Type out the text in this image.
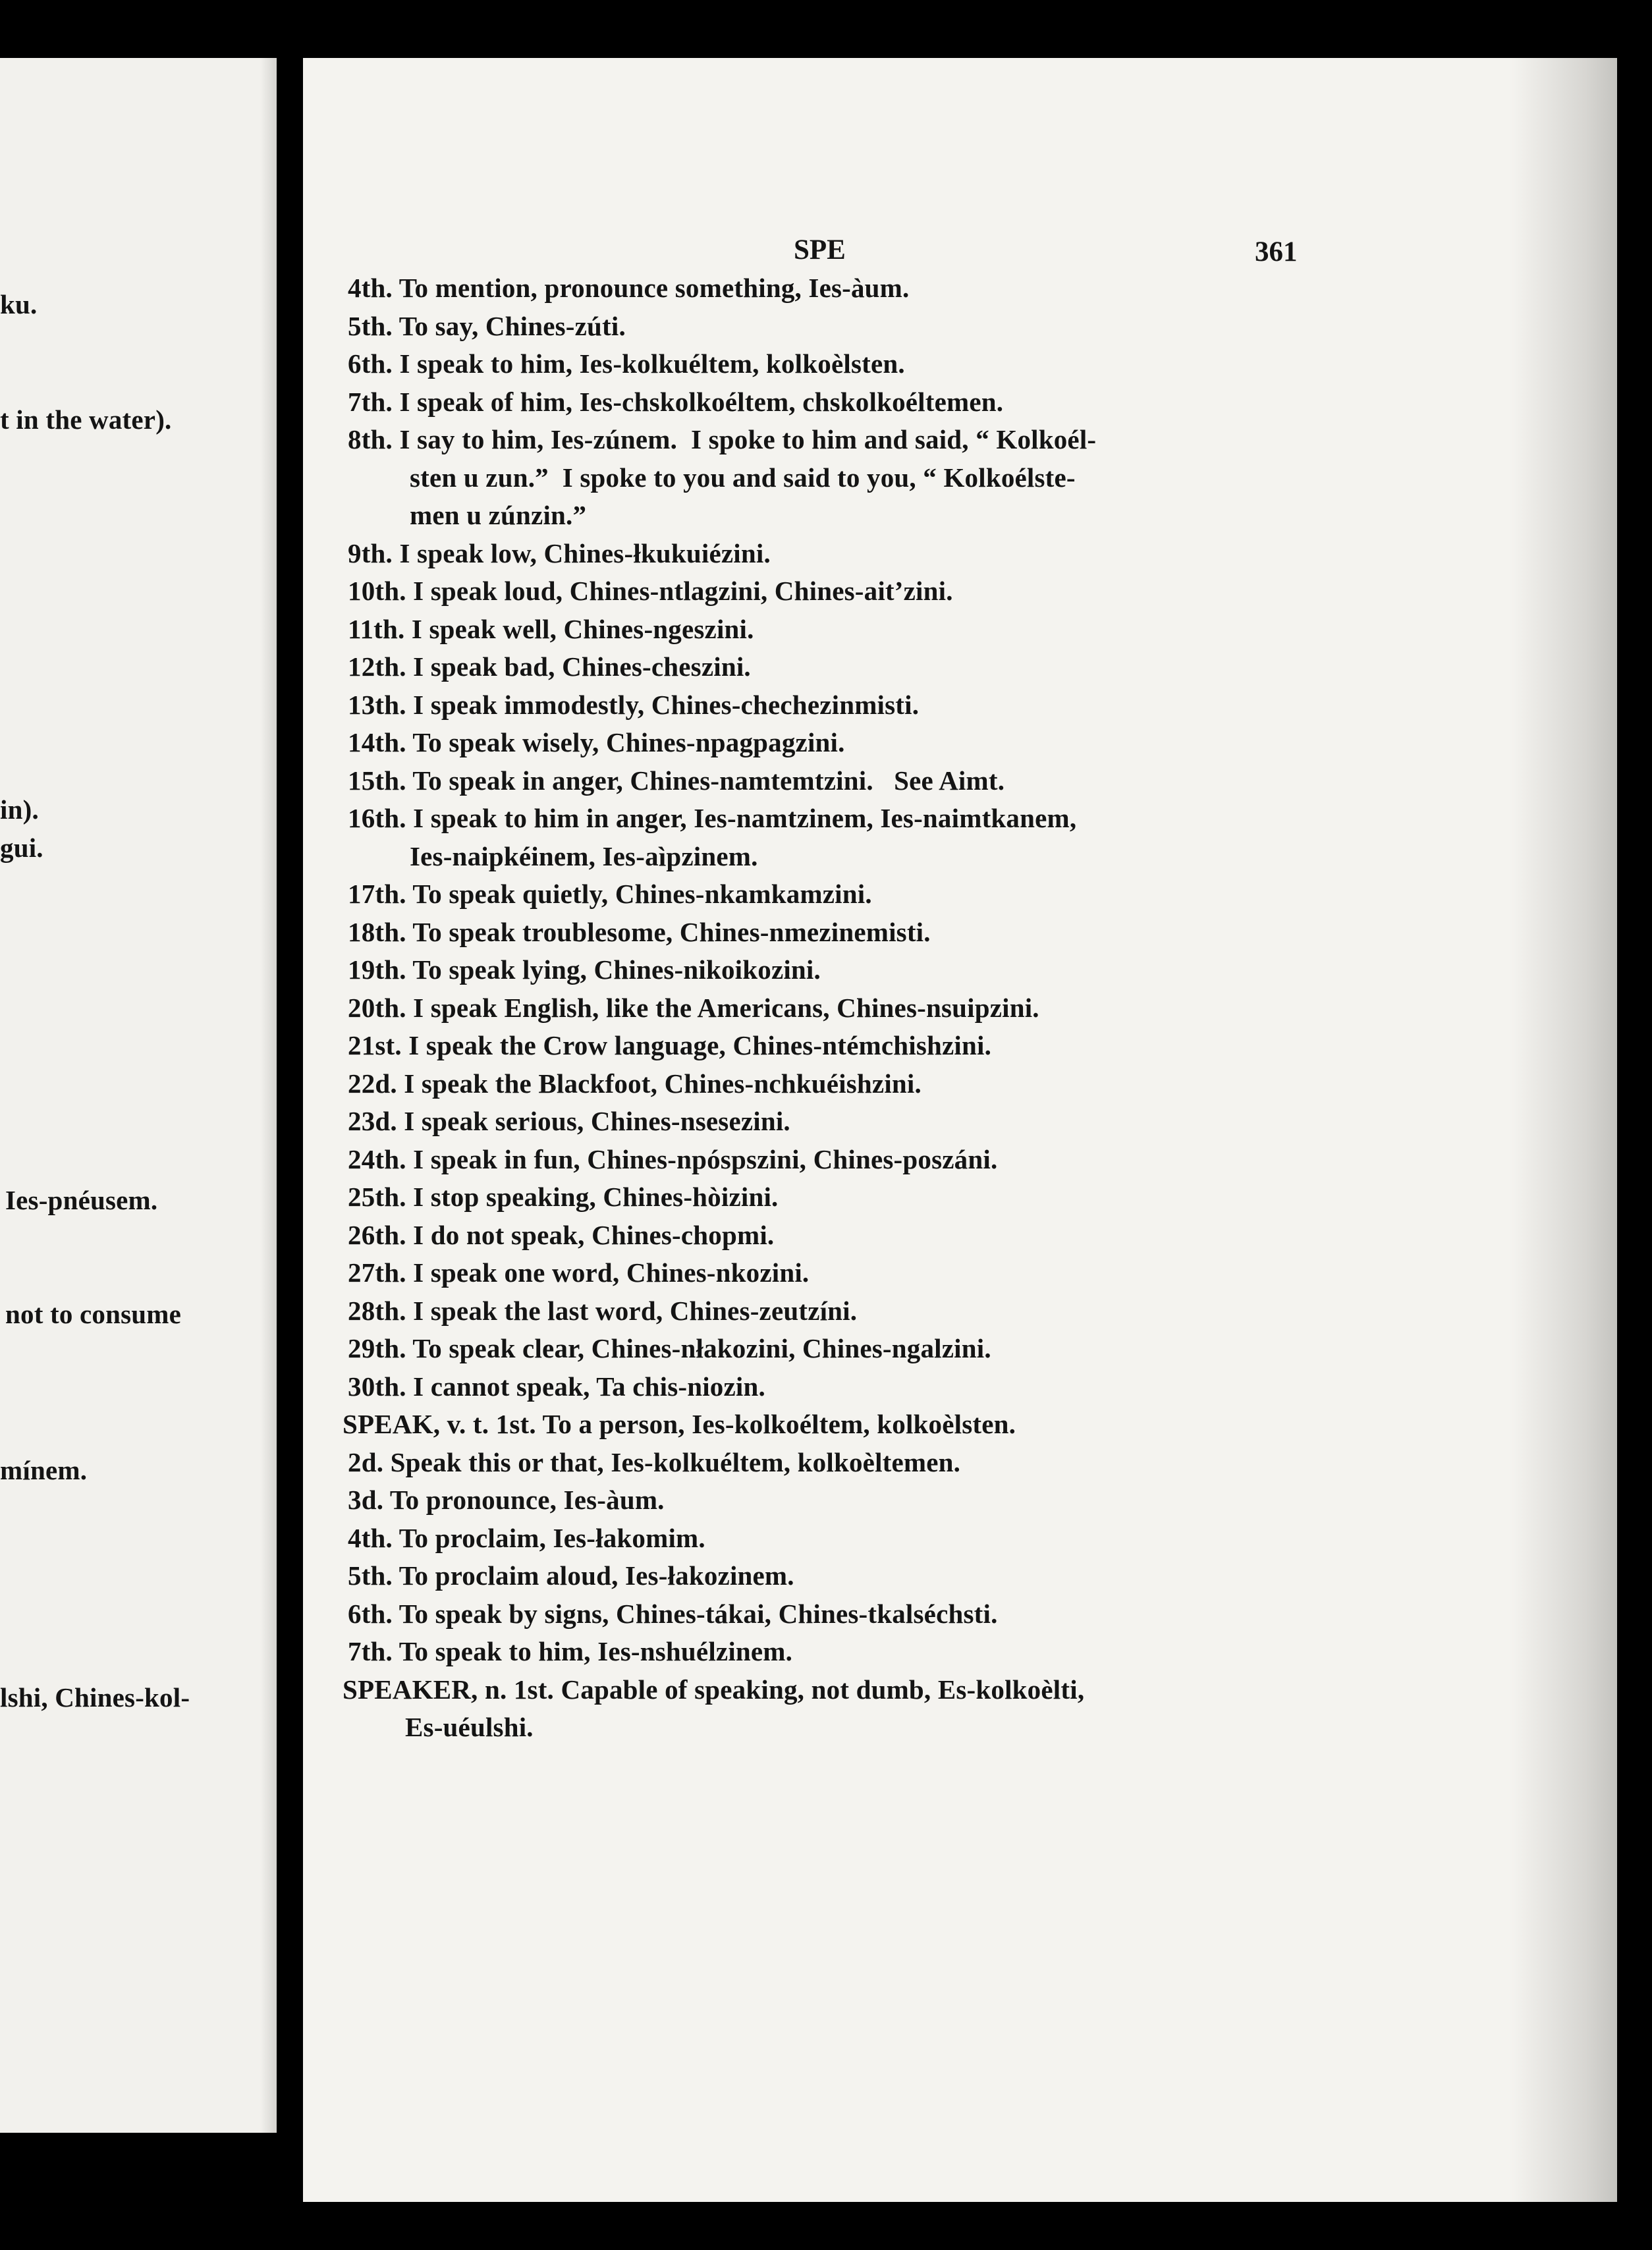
ku.
t in the water).
in).
gui.
Ies-pnéusem.
not to consume
mínem.
lshi, Chines-kol-
SPE	361
4th. To mention, pronounce something, Ies-àum.
5th. To say, Chines-zúti.
6th. I speak to him, Ies-kolkuéltem, kolkoèlsten.
7th. I speak of him, Ies-chskolkoéltem, chskolkoéltemen.
8th. I say to him, Ies-zúnem.  I spoke to him and said, “ Kolkoél-
sten u zun.”  I spoke to you and said to you, “ Kolkoélste-
men u zúnzin.”
9th. I speak low, Chines-łkukuiézini.
10th. I speak loud, Chines-ntlagzini, Chines-ait’zini.
11th. I speak well, Chines-ngeszini.
12th. I speak bad, Chines-cheszini.
13th. I speak immodestly, Chines-chechezinmisti.
14th. To speak wisely, Chines-npagpagzini.
15th. To speak in anger, Chines-namtemtzini.   See Aimt.
16th. I speak to him in anger, Ies-namtzinem, Ies-naimtkanem,
Ies-naipkéinem, Ies-aìpzinem.
17th. To speak quietly, Chines-nkamkamzini.
18th. To speak troublesome, Chines-nmezinemisti.
19th. To speak lying, Chines-nikoikozini.
20th. I speak English, like the Americans, Chines-nsuipzini.
21st. I speak the Crow language, Chines-ntémchishzini.
22d. I speak the Blackfoot, Chines-nchkuéishzini.
23d. I speak serious, Chines-nsesezini.
24th. I speak in fun, Chines-npóspszini, Chines-poszáni.
25th. I stop speaking, Chines-hòizini.
26th. I do not speak, Chines-chopmi.
27th. I speak one word, Chines-nkozini.
28th. I speak the last word, Chines-zeutzíni.
29th. To speak clear, Chines-nłakozini, Chines-ngalzini.
30th. I cannot speak, Ta chis-niozin.
SPEAK, v. t. 1st. To a person, Ies-kolkoéltem, kolkoèlsten.
2d. Speak this or that, Ies-kolkuéltem, kolkoèltemen.
3d. To pronounce, Ies-àum.
4th. To proclaim, Ies-łakomim.
5th. To proclaim aloud, Ies-łakozinem.
6th. To speak by signs, Chines-tákai, Chines-tkalséchsti.
7th. To speak to him, Ies-nshuélzinem.
SPEAKER, n. 1st. Capable of speaking, not dumb, Es-kolkoèlti,
Es-uéulshi.
